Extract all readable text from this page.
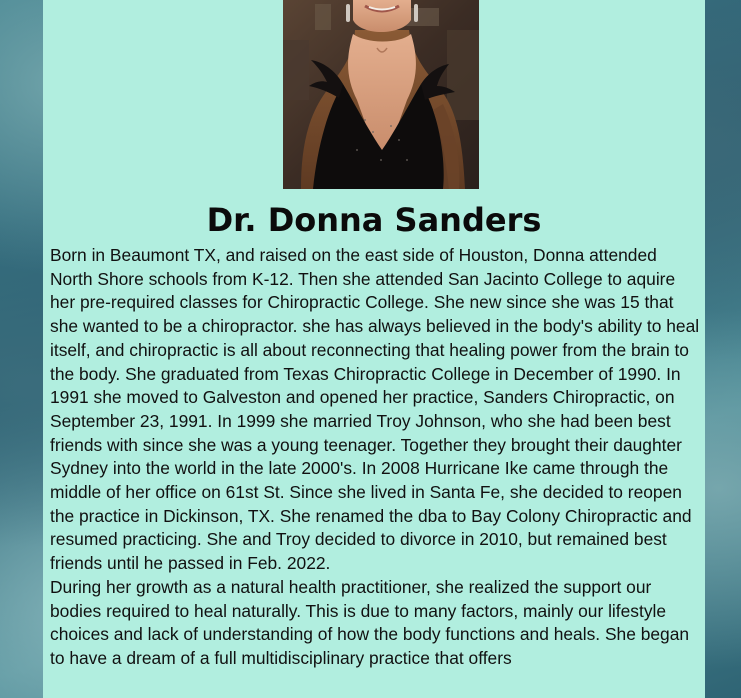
Dr. Donna Sanders

Born in Beaumont TX, and raised on the east side of Houston, Donna attended North Shore schools from K-12. Then she attended San Jacinto College to aquire her pre-required classes for Chiropractic College. She new since she was 15 that she wanted to be a chiropractor. she has always believed in the body's ability to heal itself, and chiropractic is all about reconnecting that healing power from the brain to the body. She graduated from Texas Chiropractic College in December of 1990. In 1991 she moved to Galveston and opened her practice, Sanders Chiropractic, on September 23, 1991. In 1999 she married Troy Johnson, who she had been best friends with since she was a young teenager. Together they brought their daughter Sydney into the world in the late 2000's. In 2008 Hurricane Ike came through the middle of her office on 61st St. Since she lived in Santa Fe, she decided to reopen the practice in Dickinson, TX. She renamed the dba to Bay Colony Chiropractic and resumed practicing. She and Troy decided to divorce in 2010, but remained best friends until he passed in Feb. 2022.

During her growth as a natural health practitioner, she realized the support our bodies required to heal naturally. This is due to many factors, mainly our lifestyle choices and lack of understanding of how the body functions and heals. She began to have a dream of a full multidisciplinary practice that offers
